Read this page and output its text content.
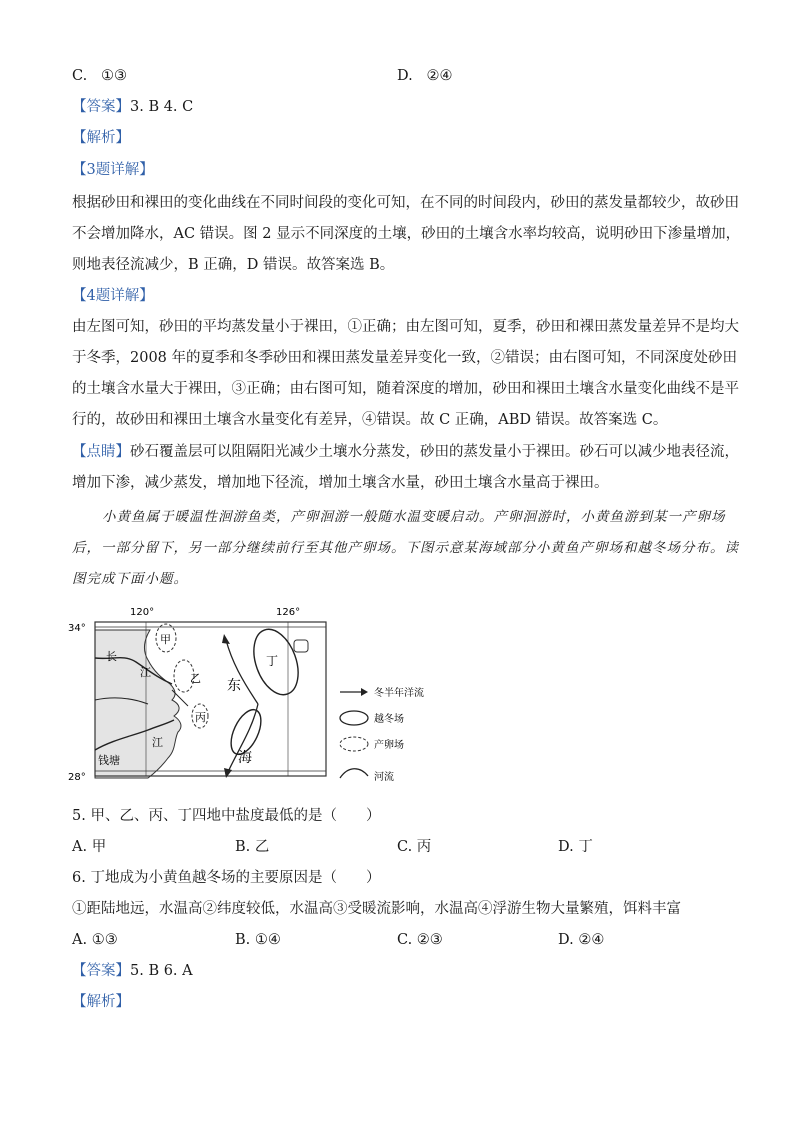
C. ①③	D. ②④
【答案】3. B 4. C
【解析】
【3题详解】
根据砂田和裸田的变化曲线在不同时间段的变化可知，在不同的时间段内，砂田的蒸发量都较少，故砂田
不会增加降水，AC 错误。图 2 显示不同深度的土壤，砂田的土壤含水率均较高，说明砂田下渗量增加，
则地表径流减少，B 正确，D 错误。故答案选 B。
【4题详解】
由左图可知，砂田的平均蒸发量小于裸田，①正确；由左图可知，夏季，砂田和裸田蒸发量差异不是均大
于冬季，2008 年的夏季和冬季砂田和裸田蒸发量差异变化一致，②错误；由右图可知，不同深度处砂田
的土壤含水量大于裸田，③正确；由右图可知，随着深度的增加，砂田和裸田土壤含水量变化曲线不是平
行的，故砂田和裸田土壤含水量变化有差异，④错误。故 C 正确，ABD 错误。故答案选 C。
【点睛】砂石覆盖层可以阻隔阳光减少土壤水分蒸发，砂田的蒸发量小于裸田。砂石可以减少地表径流，
增加下渗，减少蒸发，增加地下径流，增加土壤含水量，砂田土壤含水量高于裸田。
小黄鱼属于暖温性洄游鱼类，产卵洄游一般随水温变暖启动。产卵洄游时，小黄鱼游到某一产卵场
后，一部分留下，另一部分继续前行至其他产卵场。下图示意某海域部分小黄鱼产卵场和越冬场分布。读
图完成下面小题。
120°	126°
34°
28°
长
江
钱塘
江
甲
乙
丙
丁
东
海
冬半年洋流
越冬场
产卵场
河流
5. 甲、乙、丙、丁四地中盐度最低的是（　　）
A. 甲	B. 乙	C. 丙	D. 丁
6. 丁地成为小黄鱼越冬场的主要原因是（　　）
①距陆地远，水温高②纬度较低，水温高③受暖流影响，水温高④浮游生物大量繁殖，饵料丰富
A. ①③	B. ①④	C. ②③	D. ②④
【答案】5. B 6. A
【解析】
